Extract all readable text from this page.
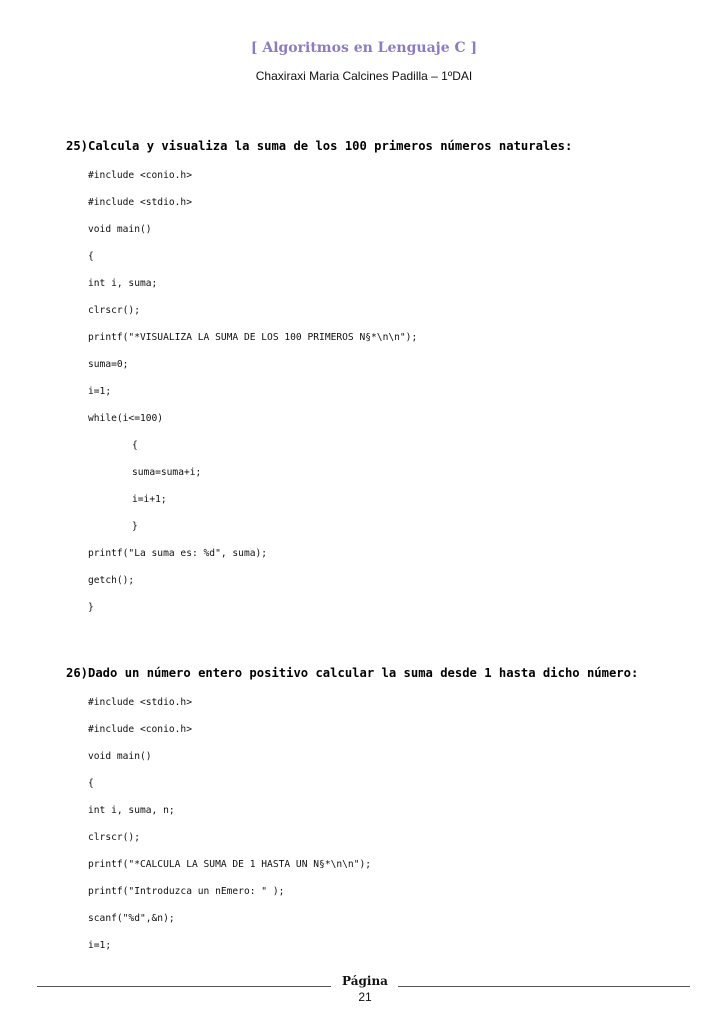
[ Algoritmos en Lenguaje C ]
Chaxiraxi Maria Calcines Padilla – 1ºDAI
25)Calcula y visualiza la suma de los 100 primeros números naturales:
#include <conio.h>
#include <stdio.h>
void main()
{
int i, suma;
clrscr();
printf("*VISUALIZA LA SUMA DE LOS 100 PRIMEROS N§*\n\n");
suma=0;
i=1;
while(i<=100)
{
suma=suma+i;
i=i+1;
}
printf("La suma es: %d", suma);
getch();
}
26)Dado un número entero positivo calcular la suma desde 1 hasta dicho número:
#include <stdio.h>
#include <conio.h>
void main()
{
int i, suma, n;
clrscr();
printf("*CALCULA LA SUMA DE 1 HASTA UN N§*\n\n");
printf("Introduzca un nEmero: " );
scanf("%d",&n);
i=1;
Página
21
